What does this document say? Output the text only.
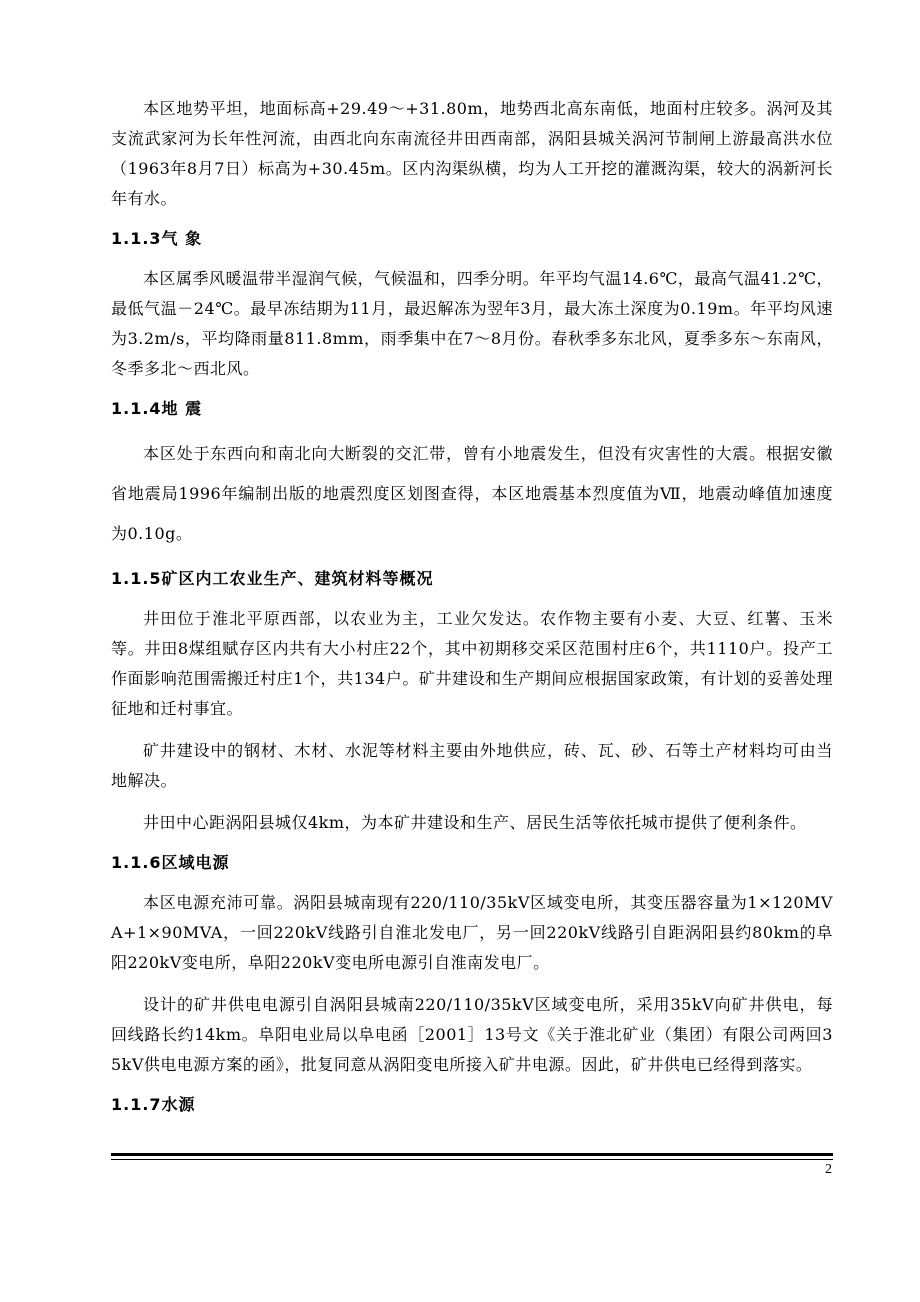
本区地势平坦，地面标高+29.49～+31.80m，地势西北高东南低，地面村庄较多。涡河及其支流武家河为长年性河流，由西北向东南流径井田西南部，涡阳县城关涡河节制闸上游最高洪水位（1963年8月7日）标高为+30.45m。区内沟渠纵横，均为人工开挖的灌溉沟渠，较大的涡新河长年有水。

1.1.3气 象

本区属季风暖温带半湿润气候，气候温和，四季分明。年平均气温14.6℃，最高气温41.2℃，最低气温－24℃。最早冻结期为11月，最迟解冻为翌年3月，最大冻土深度为0.19m。年平均风速为3.2m/s，平均降雨量811.8mm，雨季集中在7～8月份。春秋季多东北风，夏季多东～东南风，冬季多北～西北风。

1.1.4地 震

本区处于东西向和南北向大断裂的交汇带，曾有小地震发生，但没有灾害性的大震。根据安徽省地震局1996年编制出版的地震烈度区划图查得，本区地震基本烈度值为Ⅶ，地震动峰值加速度为0.10g。

1.1.5矿区内工农业生产、建筑材料等概况

井田位于淮北平原西部，以农业为主，工业欠发达。农作物主要有小麦、大豆、红薯、玉米等。井田8煤组赋存区内共有大小村庄22个，其中初期移交采区范围村庄6个，共1110户。投产工作面影响范围需搬迁村庄1个，共134户。矿井建设和生产期间应根据国家政策，有计划的妥善处理征地和迁村事宜。

矿井建设中的钢材、木材、水泥等材料主要由外地供应，砖、瓦、砂、石等土产材料均可由当地解决。

井田中心距涡阳县城仅4km，为本矿井建设和生产、居民生活等依托城市提供了便利条件。

1.1.6区域电源

本区电源充沛可靠。涡阳县城南现有220/110/35kV区域变电所，其变压器容量为1×120MVA+1×90MVA，一回220kV线路引自淮北发电厂，另一回220kV线路引自距涡阳县约80km的阜阳220kV变电所，阜阳220kV变电所电源引自淮南发电厂。

设计的矿井供电电源引自涡阳县城南220/110/35kV区域变电所，采用35kV向矿井供电，每回线路长约14km。阜阳电业局以阜电函［2001］13号文《关于淮北矿业（集团）有限公司两回35kV供电电源方案的函》，批复同意从涡阳变电所接入矿井电源。因此，矿井供电已经得到落实。

1.1.7水源
2
